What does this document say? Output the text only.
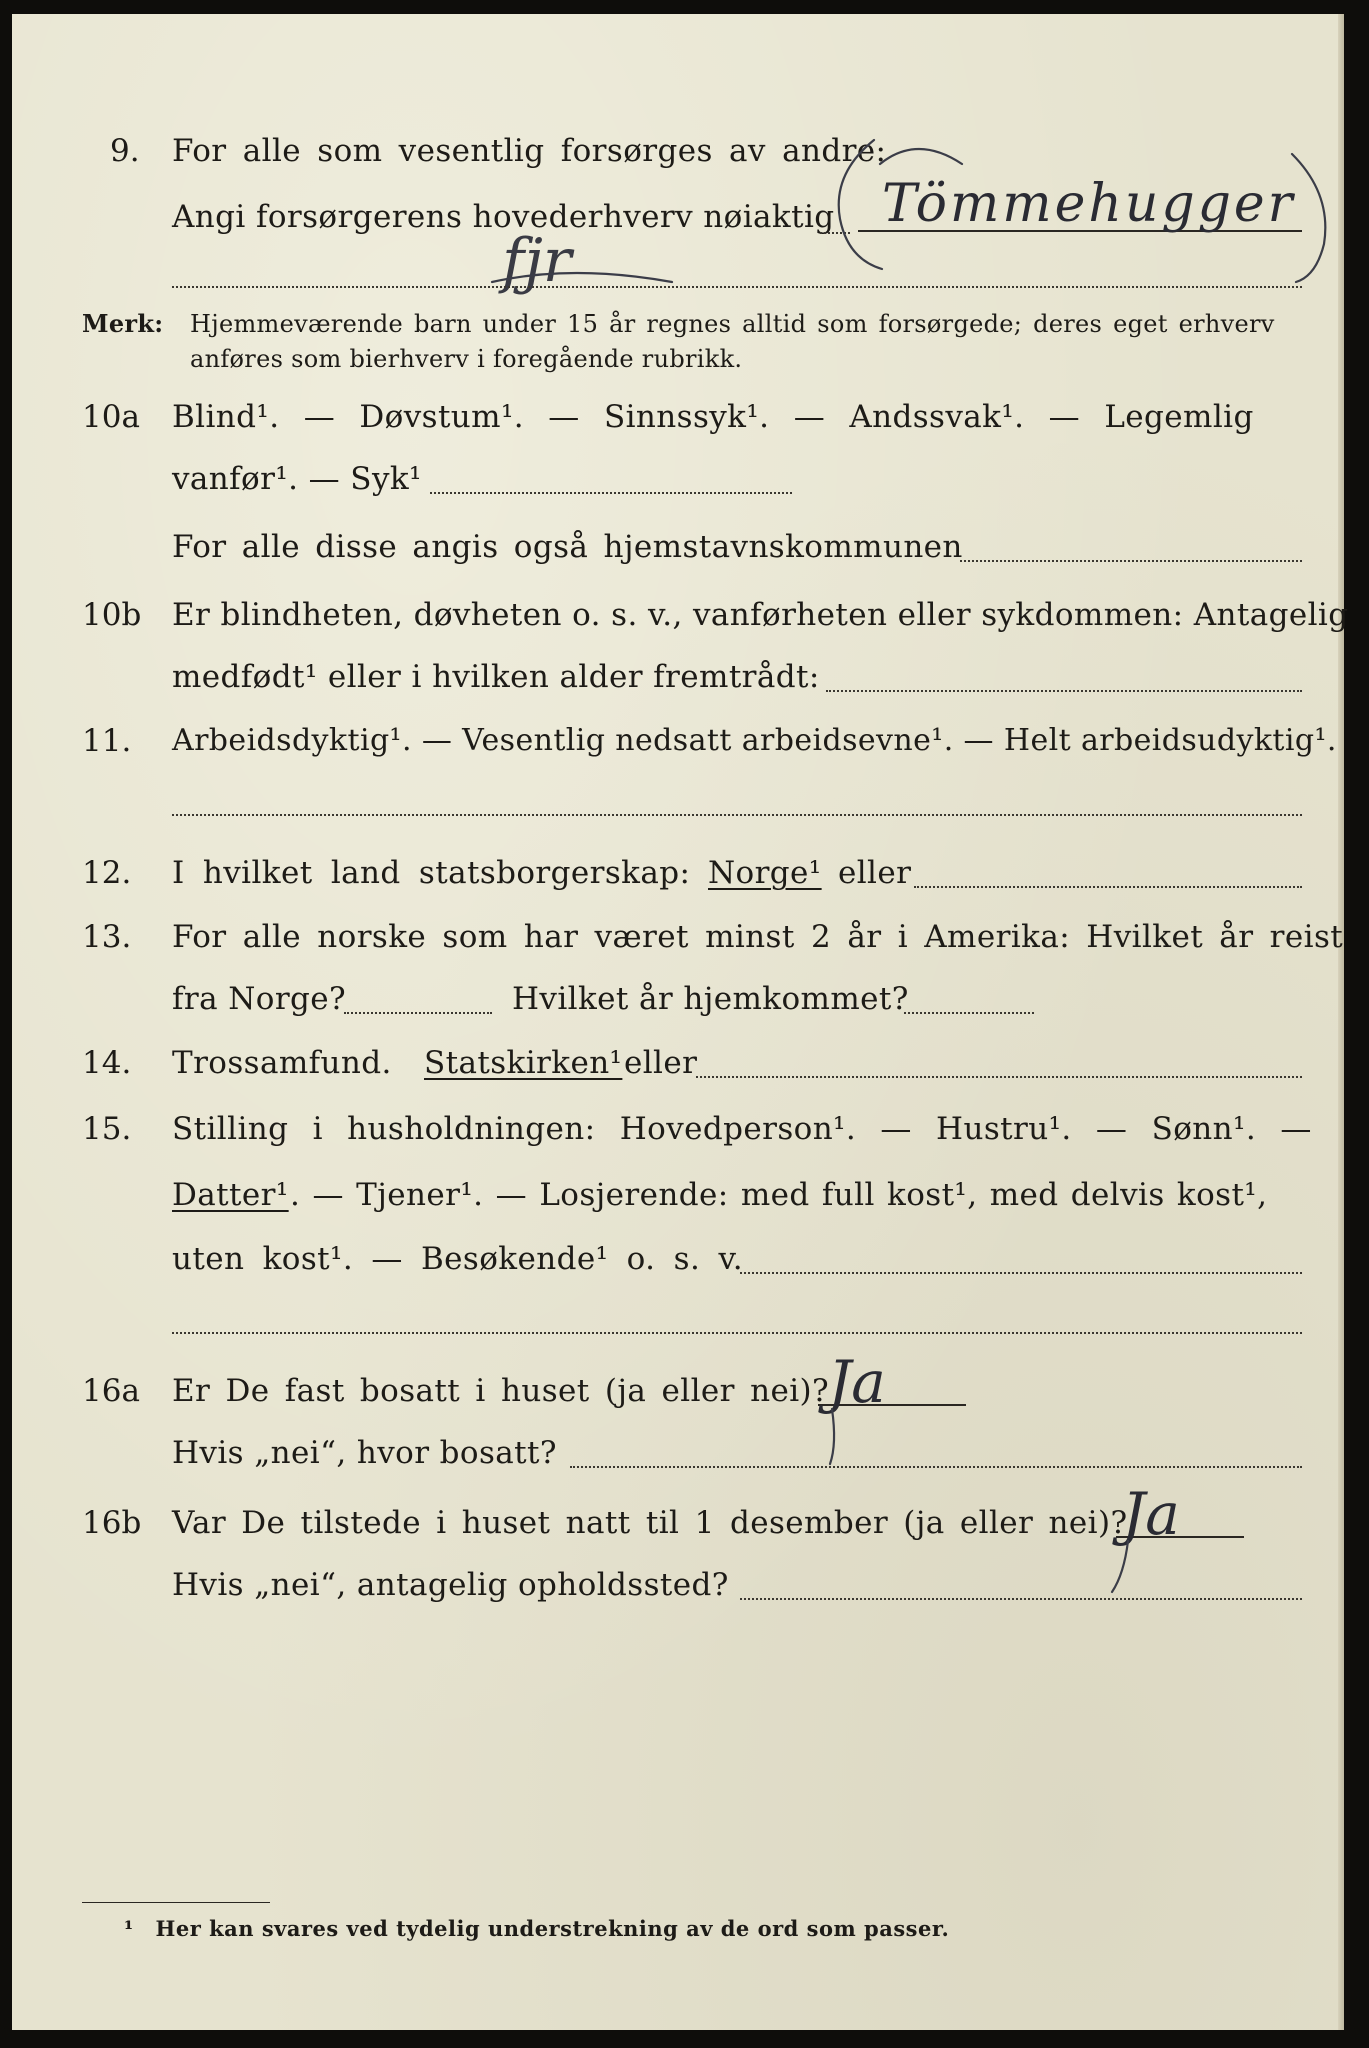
9. For alle som vesentlig forsørges av andre:
Angi forsørgerens hovederhverv nøiaktig Tömmehugger
fjr
Merk: Hjemmeværende barn under 15 år regnes alltid som forsørgede; deres eget erhverv
anføres som bierhverv i foregående rubrikk.
10a Blind¹. — Døvstum¹. — Sinnssyk¹. — Andssvak¹. — Legemlig
vanfør¹. — Syk¹
For alle disse angis også hjemstavnskommunen
10b Er blindheten, døvheten o. s. v., vanførheten eller sykdommen: Antagelig
medfødt¹ eller i hvilken alder fremtrådt:
11. Arbeidsdyktig¹. — Vesentlig nedsatt arbeidsevne¹. — Helt arbeidsudyktig¹.
12. I hvilket land statsborgerskap: Norge¹ eller
13. For alle norske som har været minst 2 år i Amerika: Hvilket år reist
fra Norge?	Hvilket år hjemkommet?
14. Trossamfund. Statskirken¹ eller
15. Stilling i husholdningen: Hovedperson¹. — Hustru¹. — Sønn¹. —
Datter¹ . — Tjener¹. — Losjerende: med full kost¹, med delvis kost¹,
uten kost¹. — Besøkende¹ o. s. v.
16a Er De fast bosatt i huset (ja eller nei)?
Ja
Hvis „nei“, hvor bosatt?
16b Var De tilstede i huset natt til 1 desember (ja eller nei)?
Ja
Hvis „nei“, antagelig opholdssted?
¹ Her kan svares ved tydelig understrekning av de ord som passer.
